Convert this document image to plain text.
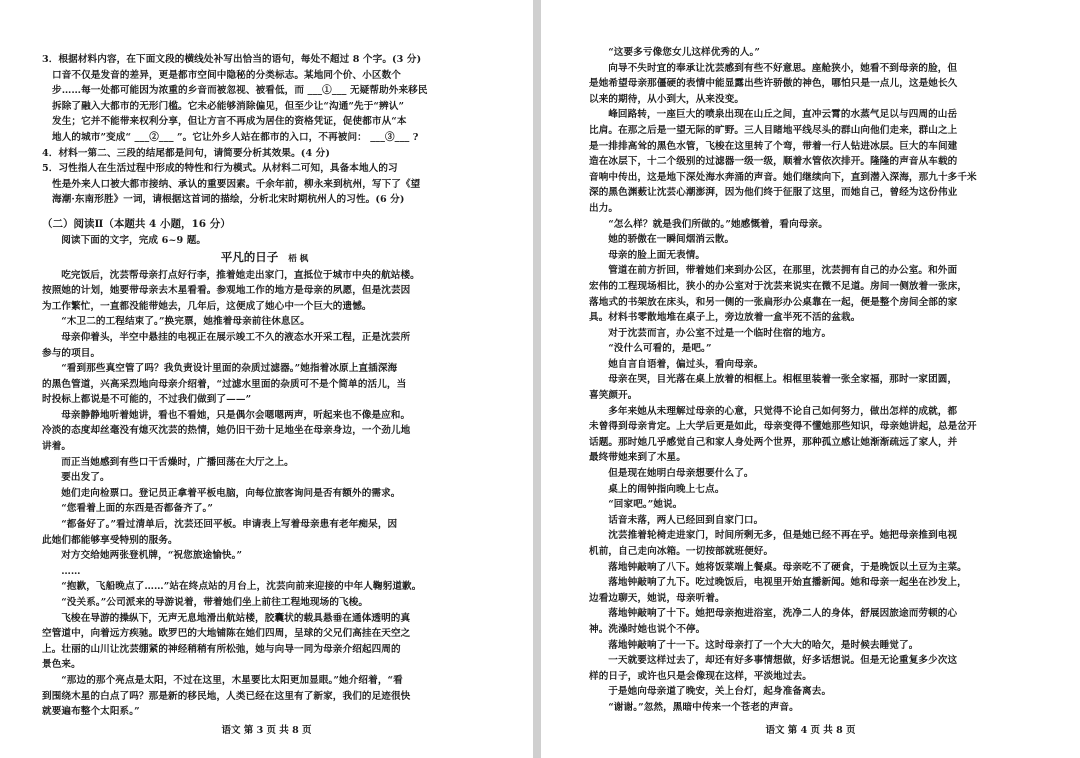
3．根据材料内容，在下面文段的横线处补写出恰当的语句，每处不超过 8 个字。(3 分)
口音不仅是发音的差异，更是都市空间中隐秘的分类标志。某地同个价、小区数个
步……每一处都可能因为浓重的乡音而被忽视、被看低，而 ___①___ 无疑帮助外来移民
拆除了融入大都市的无形门槛。它未必能够消除偏见，但至少让“沟通”先于“辨认”
发生；它并不能带来权利分享，但让方言不再成为居住的资格凭证，促使都市从“本
地人的城市”变成“ ___②___ ”。它让外乡人站在都市的入口，不再被问： ___③___ ?
4．材料一第二、三段的结尾都是问句，请简要分析其效果。(4 分)
5．习性指人在生活过程中形成的特性和行为模式。从材料二可知，具备本地人的习
性是外来人口被大都市接纳、承认的重要因素。千余年前，柳永来到杭州，写下了《望
海潮·东南形胜》一词，请根据这首词的描绘，分析北宋时期杭州人的习性。(6 分)
（二）阅读Ⅱ（本题共 4 小题，16 分）
阅读下面的文字，完成 6~9 题。
平凡的日子 梧 枫
吃完饭后，沈芸帮母亲打点好行李，推着她走出家门，直抵位于城市中央的航站楼。
按照她的计划，她要带母亲去木星看看。参观地工作的地方是母亲的夙愿，但是沈芸因
为工作繁忙，一直都没能带她去，几年后，这便成了她心中一个巨大的遗憾。
“木卫二的工程结束了。”换完票，她推着母亲前往休息区。
母亲仰着头，半空中悬挂的电视正在展示竣工不久的液态水开采工程，正是沈芸所
参与的项目。
“看到那些真空管了吗？我负责设计里面的杂质过滤器。”她指着冰原上直插深海
的黑色管道，兴高采烈地向母亲介绍着，“过滤水里面的杂质可不是个简单的活儿，当
时投标上都说是不可能的，不过我们做到了——”
母亲静静地听着她讲，看也不看她，只是偶尔会嗯嗯两声，听起来也不像是应和。
冷淡的态度却丝毫没有熄灭沈芸的热情，她仍旧干劲十足地坐在母亲身边，一个劲儿地
讲着。
而正当她感到有些口干舌燥时，广播回荡在大厅之上。
要出发了。
她们走向检票口。登记员正拿着平板电脑，向每位旅客询问是否有额外的需求。
“您看着上面的东西是否都备齐了。”
“都备好了。”看过清单后，沈芸还回平板。申请表上写着母亲患有老年痴呆，因
此她们都能够享受特别的服务。
对方交给她两张登机牌，“祝您旅途愉快。”
……
“抱歉，飞船晚点了……”站在终点站的月台上，沈芸向前来迎接的中年人鞠躬道歉。
“没关系。”公司派来的导游说着，带着她们坐上前往工程地现场的飞梭。
飞梭在导游的操纵下，无声无息地滑出航站楼，胶囊状的载具悬垂在通体透明的真
空管道中，向着远方疾驰。欧罗巴的大地铺陈在她们四周，呈球的父兄们高挂在天空之
上。壮丽的山川让沈芸绷紧的神经稍稍有所松弛，她与向导一同为母亲介绍起四周的
景色来。
“那边的那个亮点是太阳，不过在这里，木星要比太阳更加显眼。”她介绍着，“看
到围绕木星的白点了吗？那是新的移民地，人类已经在这里有了新家，我们的足迹很快
就要遍布整个太阳系。”
语文 第 3 页 共 8 页
“这要多亏像您女儿这样优秀的人。”
向导不失时宜的奉承让沈芸感到有些不好意思。座舱狭小，她看不到母亲的脸，但
是她希望母亲那僵硬的表情中能显露出些许骄傲的神色，哪怕只是一点儿，这是她长久
以来的期待，从小到大，从来没变。
峰回路转，一座巨大的喷泉出现在山丘之间，直冲云霄的水蒸气足以与四周的山岳
比肩。在那之后是一望无际的旷野。三人目睹地平线尽头的群山向他们走来，群山之上
是一排排高耸的黑色水管，飞梭在这里转了个弯，带着一行人钻进冰层。巨大的车间建
造在冰层下，十二个级别的过滤器一级一级，顺着水管依次排开。隆隆的声音从车载的
音响中传出，这是地下深处海水奔涌的声音。她们继续向下，直到潜入深海，那九十多千米
深的黑色渊薮让沈芸心潮澎湃，因为他们终于征服了这里，而她自己，曾经为这份伟业
出力。
“怎么样？就是我们所做的。”她感慨着，看向母亲。
她的骄傲在一瞬间烟消云散。
母亲的脸上面无表情。
管道在前方折回，带着她们来到办公区，在那里，沈芸拥有自己的办公室。和外面
宏伟的工程现场相比，狭小的办公室对于沈芸来说实在微不足道。房间一侧放着一张床，
落地式的书架放在床头，和另一侧的一张扁形办公桌靠在一起，便是整个房间全部的家
具。材料书零散地堆在桌子上，旁边放着一盒半死不活的盆栽。
对于沈芸而言，办公室不过是一个临时住宿的地方。
“没什么可看的，是吧。”
她自言自语着，偏过头，看向母亲。
母亲在哭，目光落在桌上放着的相框上。相框里装着一张全家福，那时一家团圆，
喜笑颜开。
多年来她从未理解过母亲的心意，只觉得不论自己如何努力，做出怎样的成就，都
未曾得到母亲肯定。上大学后更是如此，母亲变得不懂她那些知识，母亲她讲起，总是岔开
话题。那时她几乎感觉自己和家人身处两个世界，那种孤立感让她渐渐疏远了家人，并
最终带她来到了木星。
但是现在她明白母亲想要什么了。
桌上的闹钟指向晚上七点。
“回家吧。”她说。
话音未落，两人已经回到自家门口。
沈芸推着轮椅走进家门，时间所剩无多，但是她已经不再在乎。她把母亲推到电视
机前，自己走向冰箱。一切按部就班便好。
落地钟敲响了八下。她将饭菜端上餐桌。母亲吃不了硬食，于是晚饭以土豆为主菜。
落地钟敲响了九下。吃过晚饭后，电视里开始直播新闻。她和母亲一起坐在沙发上，
边看边聊天，她说，母亲听着。
落地钟敲响了十下。她把母亲抱进浴室，洗净二人的身体，舒展因旅途而劳顿的心
神。洗澡时她也说个不停。
落地钟敲响了十一下。这时母亲打了一个大大的哈欠，是时候去睡觉了。
一天就要这样过去了，却还有好多事情想做，好多话想说。但是无论重复多少次这
样的日子，或许也只是会像现在这样，平淡地过去。
于是她向母亲道了晚安，关上台灯，起身准备离去。
“谢谢。”忽然，黑暗中传来一个苍老的声音。
语文 第 4 页 共 8 页
